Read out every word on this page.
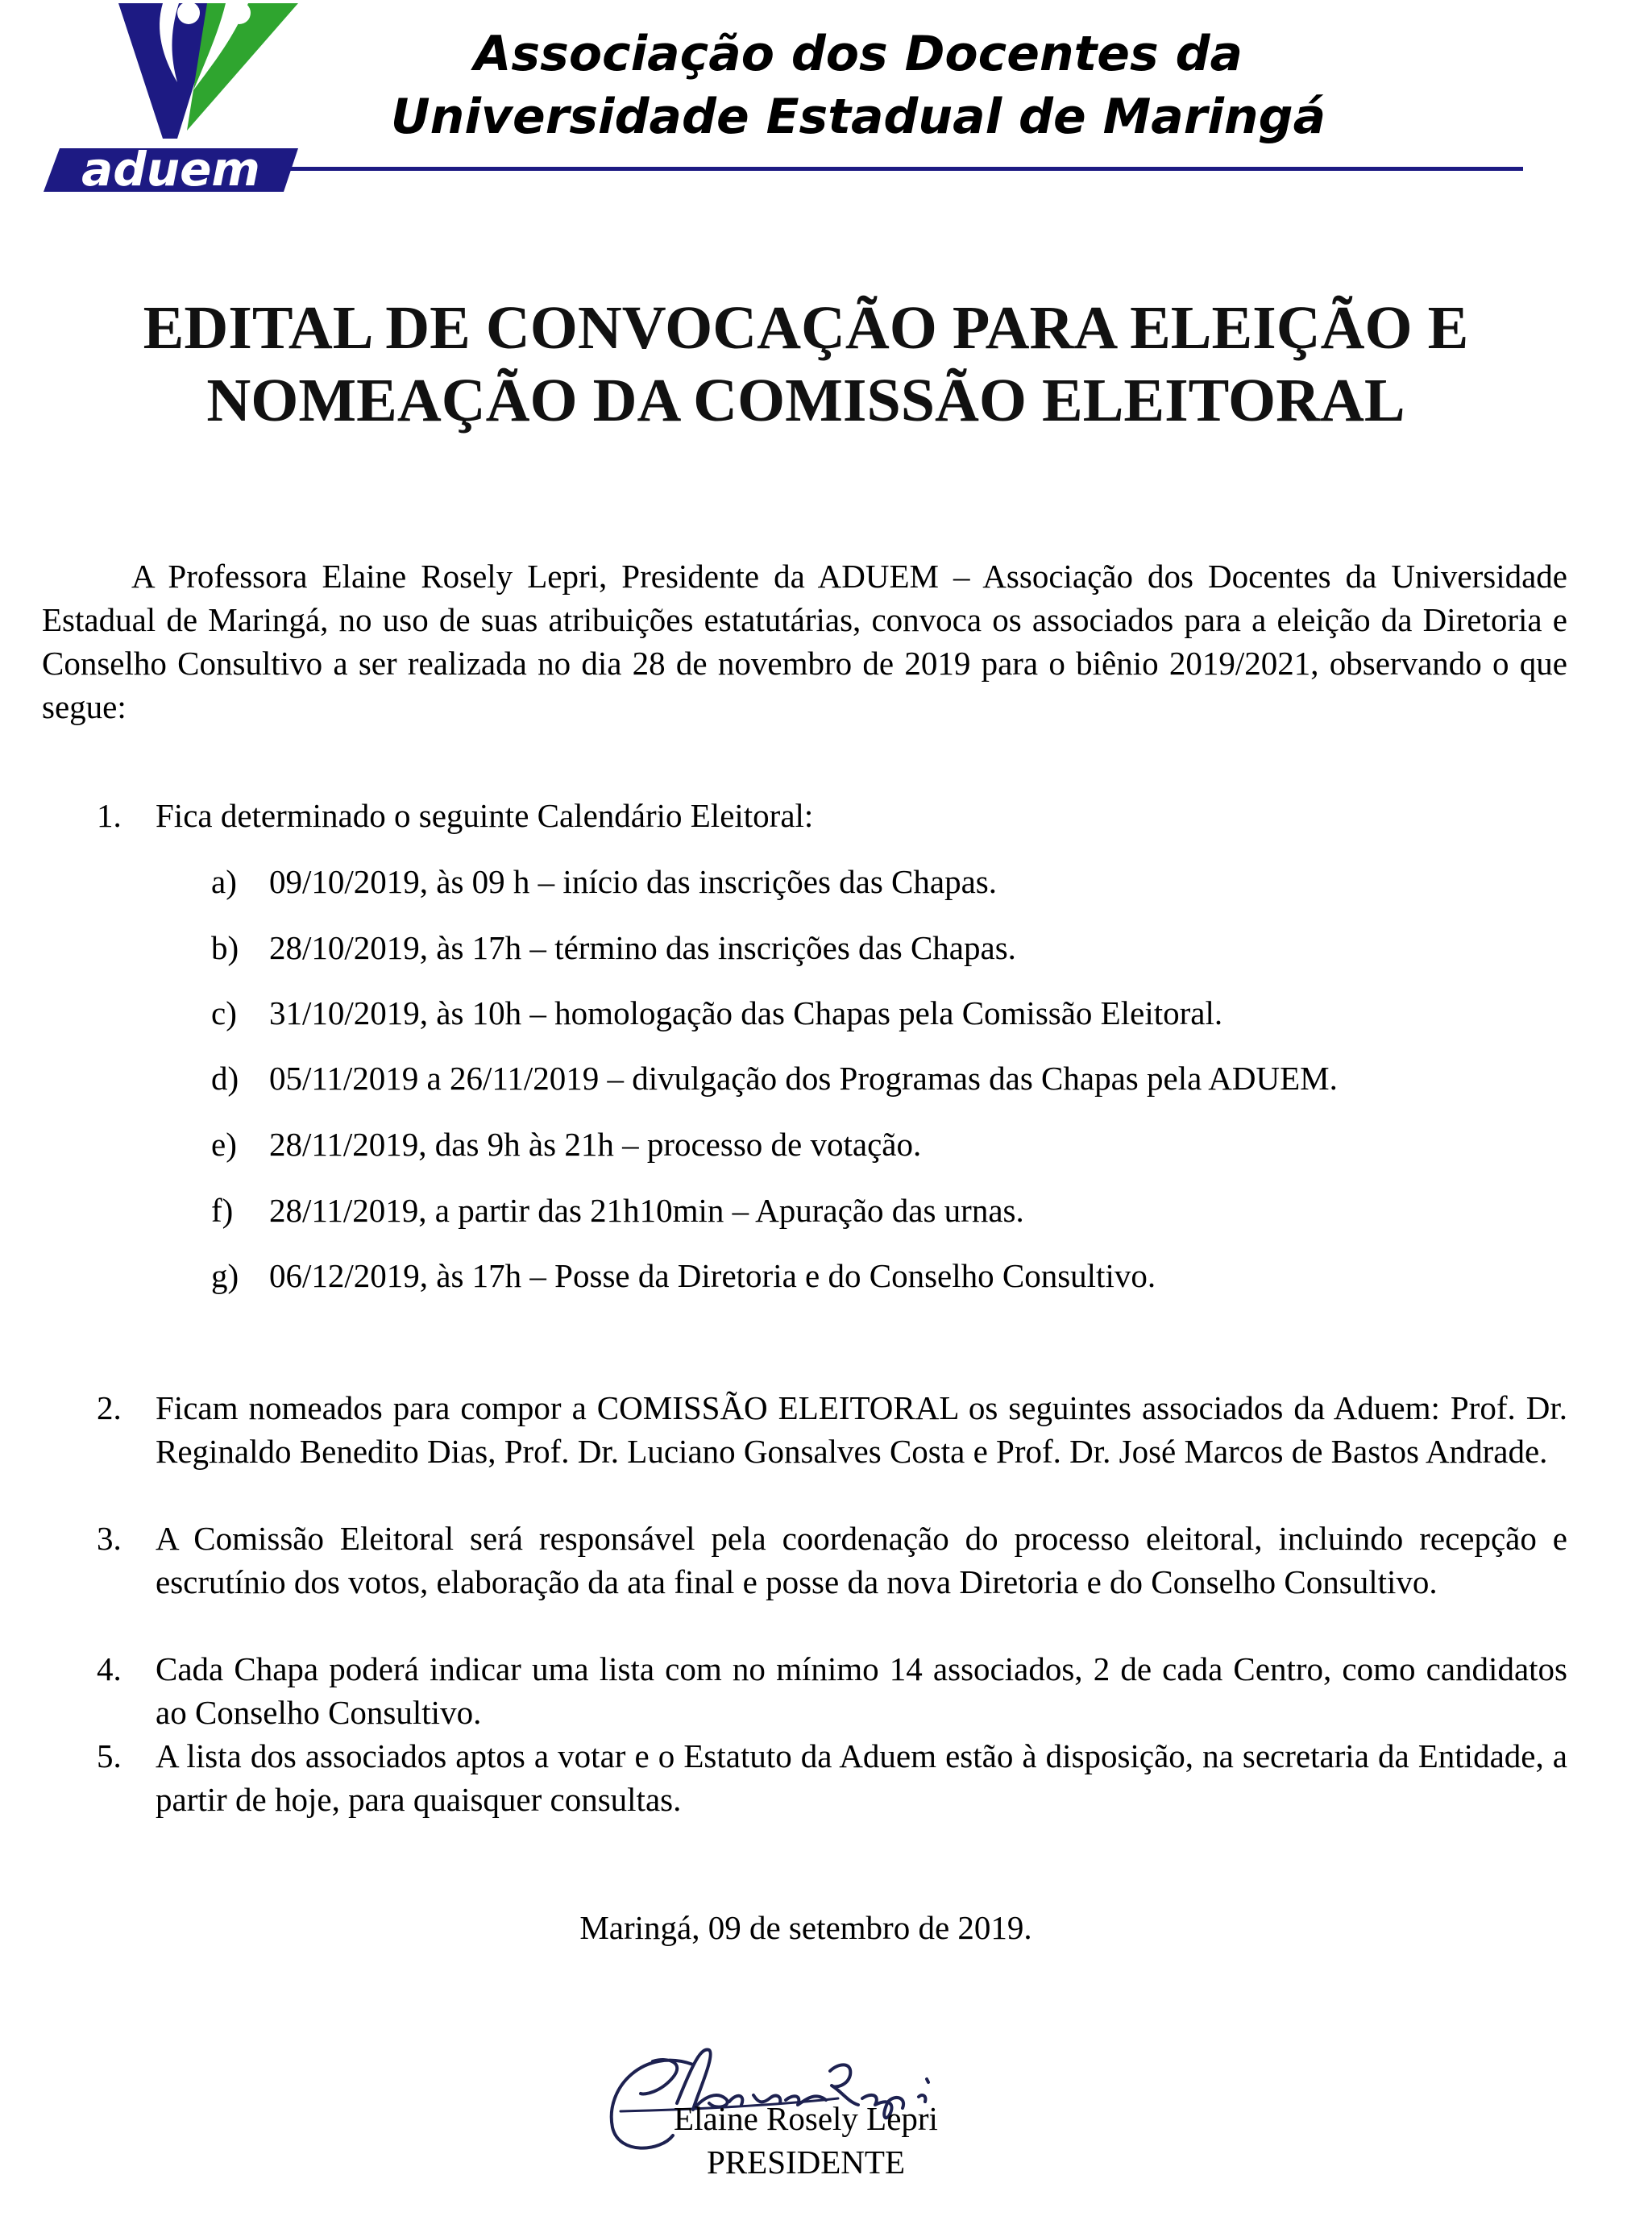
aduem
Associação dos Docentes da
Universidade Estadual de Maringá
EDITAL DE CONVOCAÇÃO PARA ELEIÇÃO E
NOMEAÇÃO DA COMISSÃO ELEITORAL

A Professora Elaine Rosely Lepri, Presidente da ADUEM – Associação dos Docentes da Universidade Estadual de Maringá, no uso de suas atribuições estatutárias, convoca os associados para a eleição da Diretoria e Conselho Consultivo a ser realizada no dia 28 de novembro de 2019 para o biênio 2019/2021, observando o que segue:

1.	Fica determinado o seguinte Calendário Eleitoral:

a) 09/10/2019, às 09 h – início das inscrições das Chapas.
b) 28/10/2019, às 17h – término das inscrições das Chapas.
c) 31/10/2019, às 10h – homologação das Chapas pela Comissão Eleitoral.
d) 05/11/2019 a 26/11/2019 – divulgação dos Programas das Chapas pela ADUEM.
e) 28/11/2019, das 9h às 21h – processo de votação.
f)	28/11/2019, a partir das 21h10min – Apuração das urnas.
g) 06/12/2019, às 17h – Posse da Diretoria e do Conselho Consultivo.
2.	Ficam nomeados para compor a COMISSÃO ELEITORAL os seguintes associados da Aduem: Prof. Dr. Reginaldo Benedito Dias, Prof. Dr. Luciano Gonsalves Costa e Prof. Dr. José Marcos de Bastos Andrade.

3.	A Comissão Eleitoral será responsável pela coordenação do processo eleitoral, incluindo recepção e escrutínio dos votos, elaboração da ata final e posse da nova Diretoria e do Conselho Consultivo.

4.	Cada Chapa poderá indicar uma lista com no mínimo 14 associados, 2 de cada Centro, como candidatos ao Conselho Consultivo.

5.	A lista dos associados aptos a votar e o Estatuto da Aduem estão à disposição, na secretaria da Entidade, a partir de hoje, para quaisquer consultas.

Maringá, 09 de setembro de 2019.
Elaine Rosely Lepri
PRESIDENTE
